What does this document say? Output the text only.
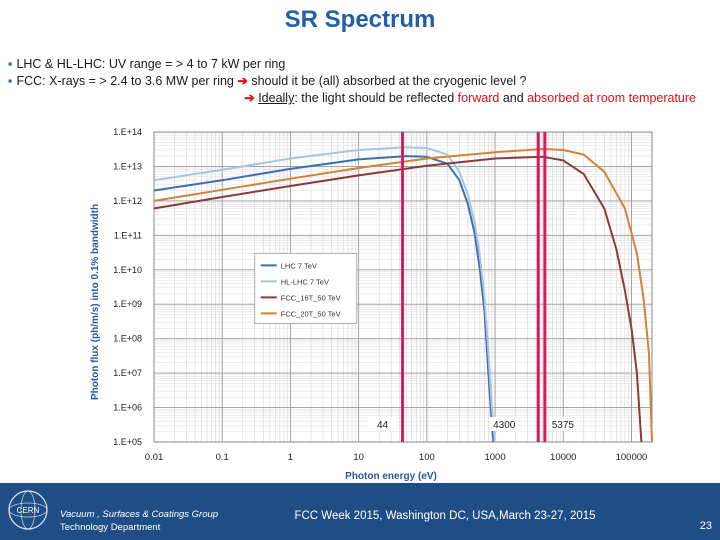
SR Spectrum
▪ LHC & HL-LHC: UV range = > 4 to 7 kW per ring
▪ FCC: X-rays = > 2.4 to 3.6 MW per ring ➔ should it be (all) absorbed at the cryogenic level ?
➔ Ideally: the light should be reflected forward and absorbed at room temperature
44	4300	5375
0.01	0.1	1	10	100	1000	10000	100000
1.E+05
1.E+06
1.E+07
1.E+08
1.E+09
1.E+10
1.E+11
1.E+12
1.E+13
1.E+14
LHC 7 TeV
HL-LHC 7 TeV
FCC_16T_50 TeV
FCC_20T_50 TeV
Photon energy (eV)
Photon flux (ph/m/s) into 0.1% bandwidth
CERN Vacuum , Surfaces & Coatings Group
Technology Department
FCC Week 2015, Washington DC, USA,March 23-27, 2015
23
